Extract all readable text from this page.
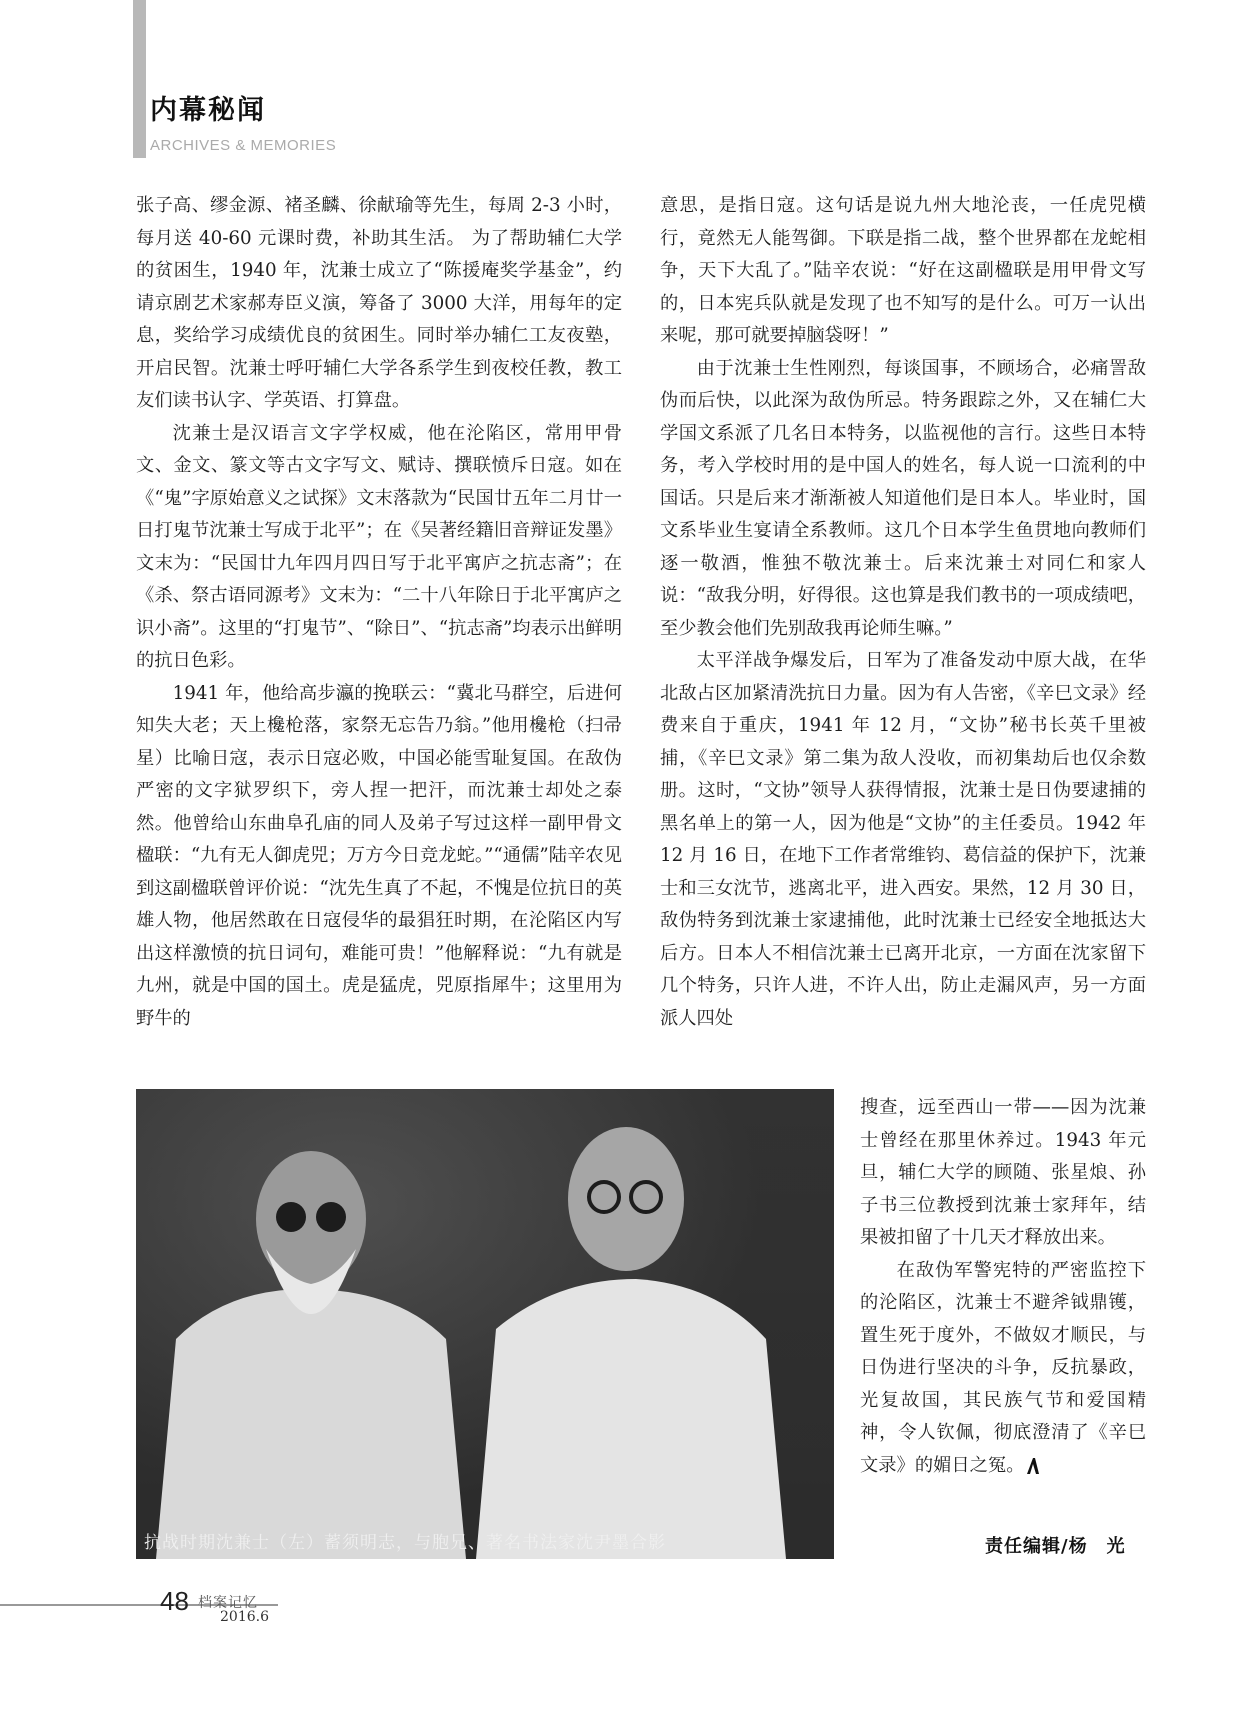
内幕秘闻
ARCHIVES & MEMORIES

张子高、缪金源、褚圣麟、徐献瑜等先生，每周 2-3 小时，每月送 40-60 元课时费，补助其生活。 为了帮助辅仁大学的贫困生，1940 年，沈兼士成立了“陈援庵奖学基金”，约请京剧艺术家郝寿臣义演，筹备了 3000 大洋，用每年的定息，奖给学习成绩优良的贫困生。同时举办辅仁工友夜塾，开启民智。沈兼士呼吁辅仁大学各系学生到夜校任教，教工友们读书认字、学英语、打算盘。

沈兼士是汉语言文字学权威，他在沦陷区，常用甲骨文、金文、篆文等古文字写文、赋诗、撰联愤斥日寇。如在《“鬼”字原始意义之试探》文末落款为“民国廿五年二月廿一日打鬼节沈兼士写成于北平”；在《吴著经籍旧音辩证发墨》文末为：“民国廿九年四月四日写于北平寓庐之抗志斋”；在《杀、祭古语同源考》文末为：“二十八年除日于北平寓庐之识小斋”。这里的“打鬼节”、“除日”、“抗志斋”均表示出鲜明的抗日色彩。

1941 年，他给高步瀛的挽联云：“冀北马群空，后进何知失大老；天上欃枪落，家祭无忘告乃翁。”他用欃枪（扫帚星）比喻日寇，表示日寇必败，中国必能雪耻复国。在敌伪严密的文字狱罗织下，旁人捏一把汗，而沈兼士却处之泰然。他曾给山东曲阜孔庙的同人及弟子写过这样一副甲骨文楹联：“九有无人御虎兕；万方今日竞龙蛇。”“通儒”陆辛农见到这副楹联曾评价说：“沈先生真了不起，不愧是位抗日的英雄人物，他居然敢在日寇侵华的最猖狂时期，在沦陷区内写出这样激愤的抗日词句，难能可贵！”他解释说：“九有就是九州，就是中国的国土。虎是猛虎，兕原指犀牛；这里用为野牛的

意思，是指日寇。这句话是说九州大地沦丧，一任虎兕横行，竟然无人能驾御。下联是指二战，整个世界都在龙蛇相争，天下大乱了。”陆辛农说：“好在这副楹联是用甲骨文写的，日本宪兵队就是发现了也不知写的是什么。可万一认出来呢，那可就要掉脑袋呀！”

由于沈兼士生性刚烈，每谈国事，不顾场合，必痛詈敌伪而后快，以此深为敌伪所忌。特务跟踪之外，又在辅仁大学国文系派了几名日本特务，以监视他的言行。这些日本特务，考入学校时用的是中国人的姓名，每人说一口流利的中国话。只是后来才渐渐被人知道他们是日本人。毕业时，国文系毕业生宴请全系教师。这几个日本学生鱼贯地向教师们逐一敬酒，惟独不敬沈兼士。后来沈兼士对同仁和家人说：“敌我分明，好得很。这也算是我们教书的一项成绩吧，至少教会他们先别敌我再论师生嘛。”

太平洋战争爆发后，日军为了准备发动中原大战，在华北敌占区加紧清洗抗日力量。因为有人告密，《辛巳文录》经费来自于重庆，1941 年 12 月，“文协”秘书长英千里被捕，《辛巳文录》第二集为敌人没收，而初集劫后也仅余数册。这时，“文协”领导人获得情报，沈兼士是日伪要逮捕的黑名单上的第一人，因为他是“文协”的主任委员。1942 年 12 月 16 日，在地下工作者常维钧、葛信益的保护下，沈兼士和三女沈节，逃离北平，进入西安。果然，12 月 30 日，敌伪特务到沈兼士家逮捕他，此时沈兼士已经安全地抵达大后方。日本人不相信沈兼士已离开北京，一方面在沈家留下几个特务，只许人进，不许人出，防止走漏风声，另一方面派人四处

抗战时期沈兼士（左）蓄须明志，与胞兄、著名书法家沈尹墨合影

搜查，远至西山一带——因为沈兼士曾经在那里休养过。1943 年元旦，辅仁大学的顾随、张星烺、孙子书三位教授到沈兼士家拜年，结果被扣留了十几天才释放出来。

在敌伪军警宪特的严密监控下的沦陷区，沈兼士不避斧钺鼎镬，置生死于度外，不做奴才顺民，与日伪进行坚决的斗争，反抗暴政，光复故国，其民族气节和爱国精神，令人钦佩，彻底澄清了《辛巳文录》的媚日之冤。

责任编辑/杨　光
48 档案记忆
2016.6
